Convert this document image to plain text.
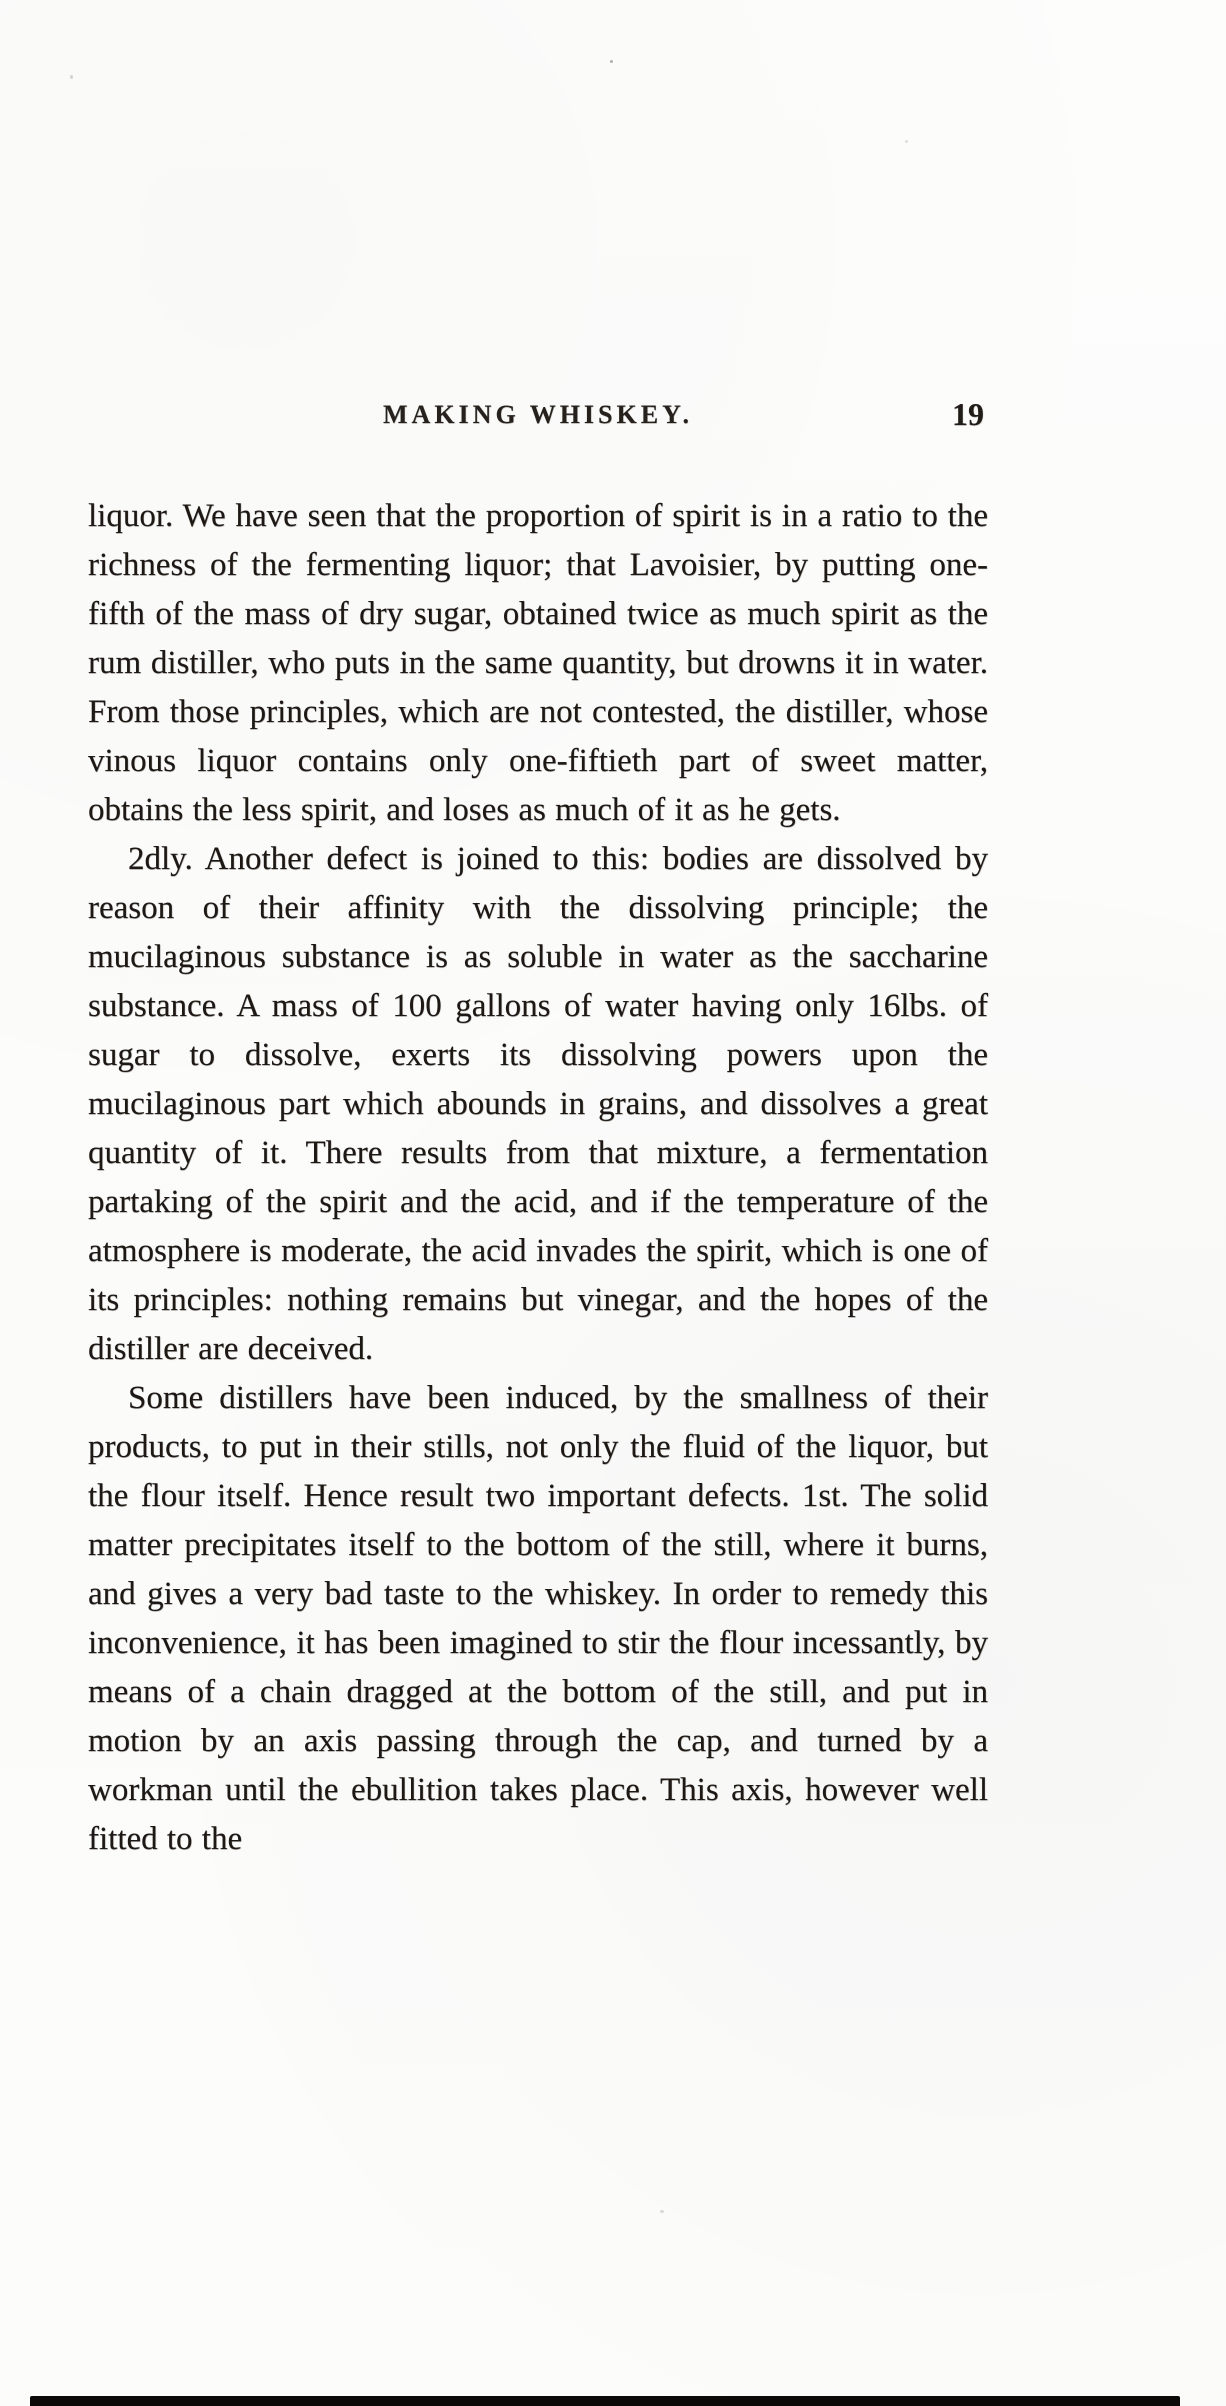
MAKING WHISKEY.	19

liquor. We have seen that the proportion of spirit is in a ratio to the richness of the fermenting liquor; that Lavoisier, by putting one-fifth of the mass of dry sugar, obtained twice as much spirit as the rum distiller, who puts in the same quantity, but drowns it in water. From those principles, which are not contested, the distiller, whose vinous liquor contains only one-fiftieth part of sweet matter, obtains the less spirit, and loses as much of it as he gets.

2dly. Another defect is joined to this: bodies are dissolved by reason of their affinity with the dissolving principle; the mucilaginous substance is as soluble in water as the saccharine substance. A mass of 100 gallons of water having only 16lbs. of sugar to dissolve, exerts its dissolving powers upon the mucilaginous part which abounds in grains, and dissolves a great quantity of it. There results from that mixture, a fermentation partaking of the spirit and the acid, and if the temperature of the atmosphere is moderate, the acid invades the spirit, which is one of its principles: nothing remains but vinegar, and the hopes of the distiller are deceived.

Some distillers have been induced, by the smallness of their products, to put in their stills, not only the fluid of the liquor, but the flour itself. Hence result two important defects. 1st. The solid matter precipitates itself to the bottom of the still, where it burns, and gives a very bad taste to the whiskey. In order to remedy this inconvenience, it has been imagined to stir the flour incessantly, by means of a chain dragged at the bottom of the still, and put in motion by an axis passing through the cap, and turned by a workman until the ebullition takes place. This axis, however well fitted to the
